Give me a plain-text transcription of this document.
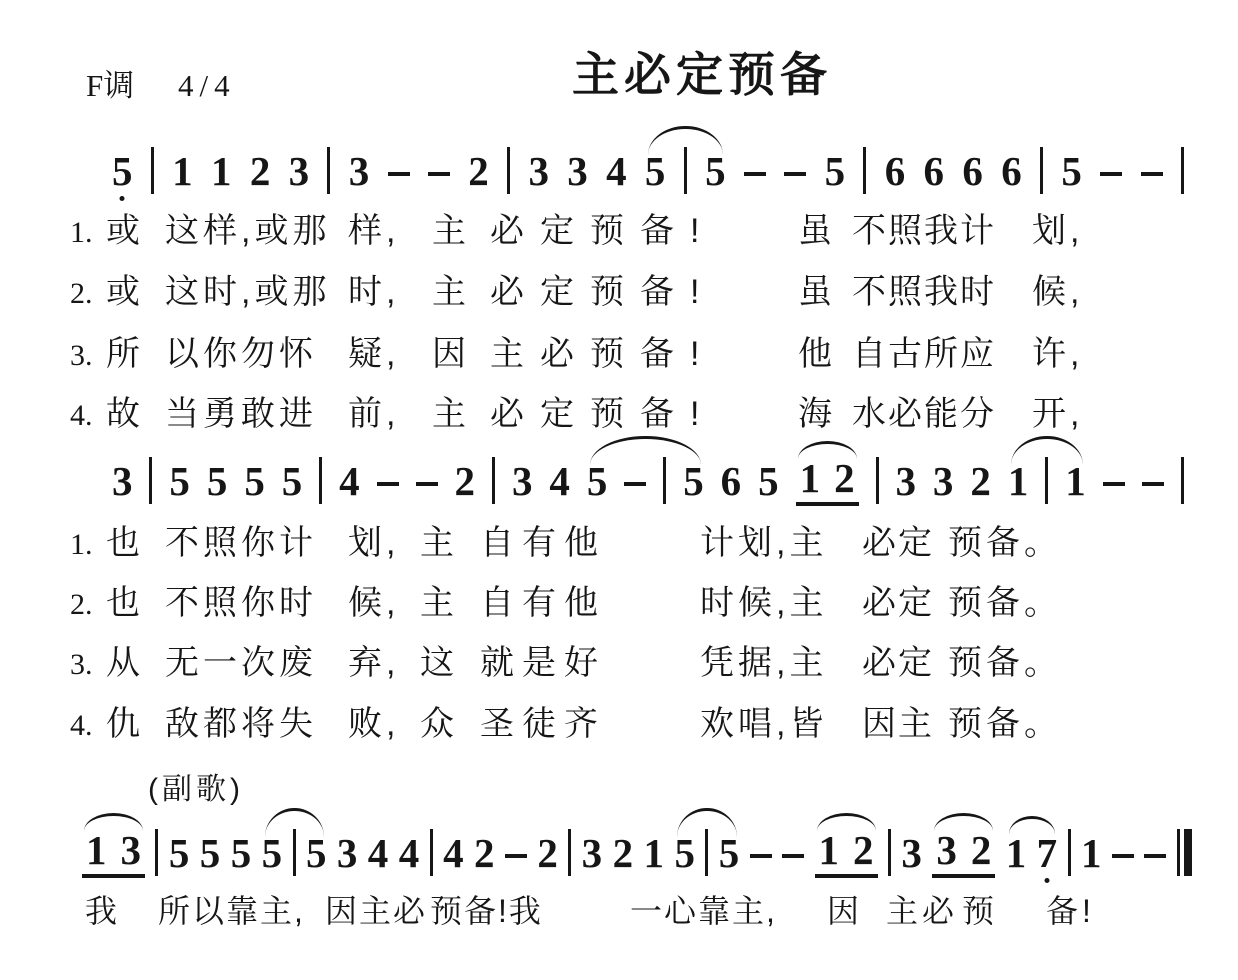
F调 4/4	主必定预备
5 1 1 2 3 3 2 3 3 4 5 5 5 6 6 6 6 5
3 5 5 5 5 4 2 3 4 5 5 6 5 1 2 3 3 2 1 1
(副歌)
1 3 5 5 5 5 5 3 4 4 4 2 2 3 2 1 5 5 1 2 3 3 2 1 7 1
1. 或 这样,或那 样, 主 必定预备! 虽 不照我计 划,
2. 或 这时,或那 时, 主 必定预备! 虽 不照我时 候,
3. 所 以你勿怀 疑, 因 主必预备! 他 自古所应 许,
4. 故 当勇敢进 前, 主 必定预备! 海 水必能分 开,
1. 也 不照你计 划, 主 自有他	计划,主 必定 预备。
2. 也 不照你时 候, 主 自有他	时候,主 必定 预备。
3. 从 无一次废 弃, 这 就是好	凭据,主 必定 预备。
4. 仇 敌都将失 败, 众 圣徒齐	欢唱,皆 因主 预备。
我 所以靠主, 因主必 预备!我	一心靠主, 因 主必 预 备!
